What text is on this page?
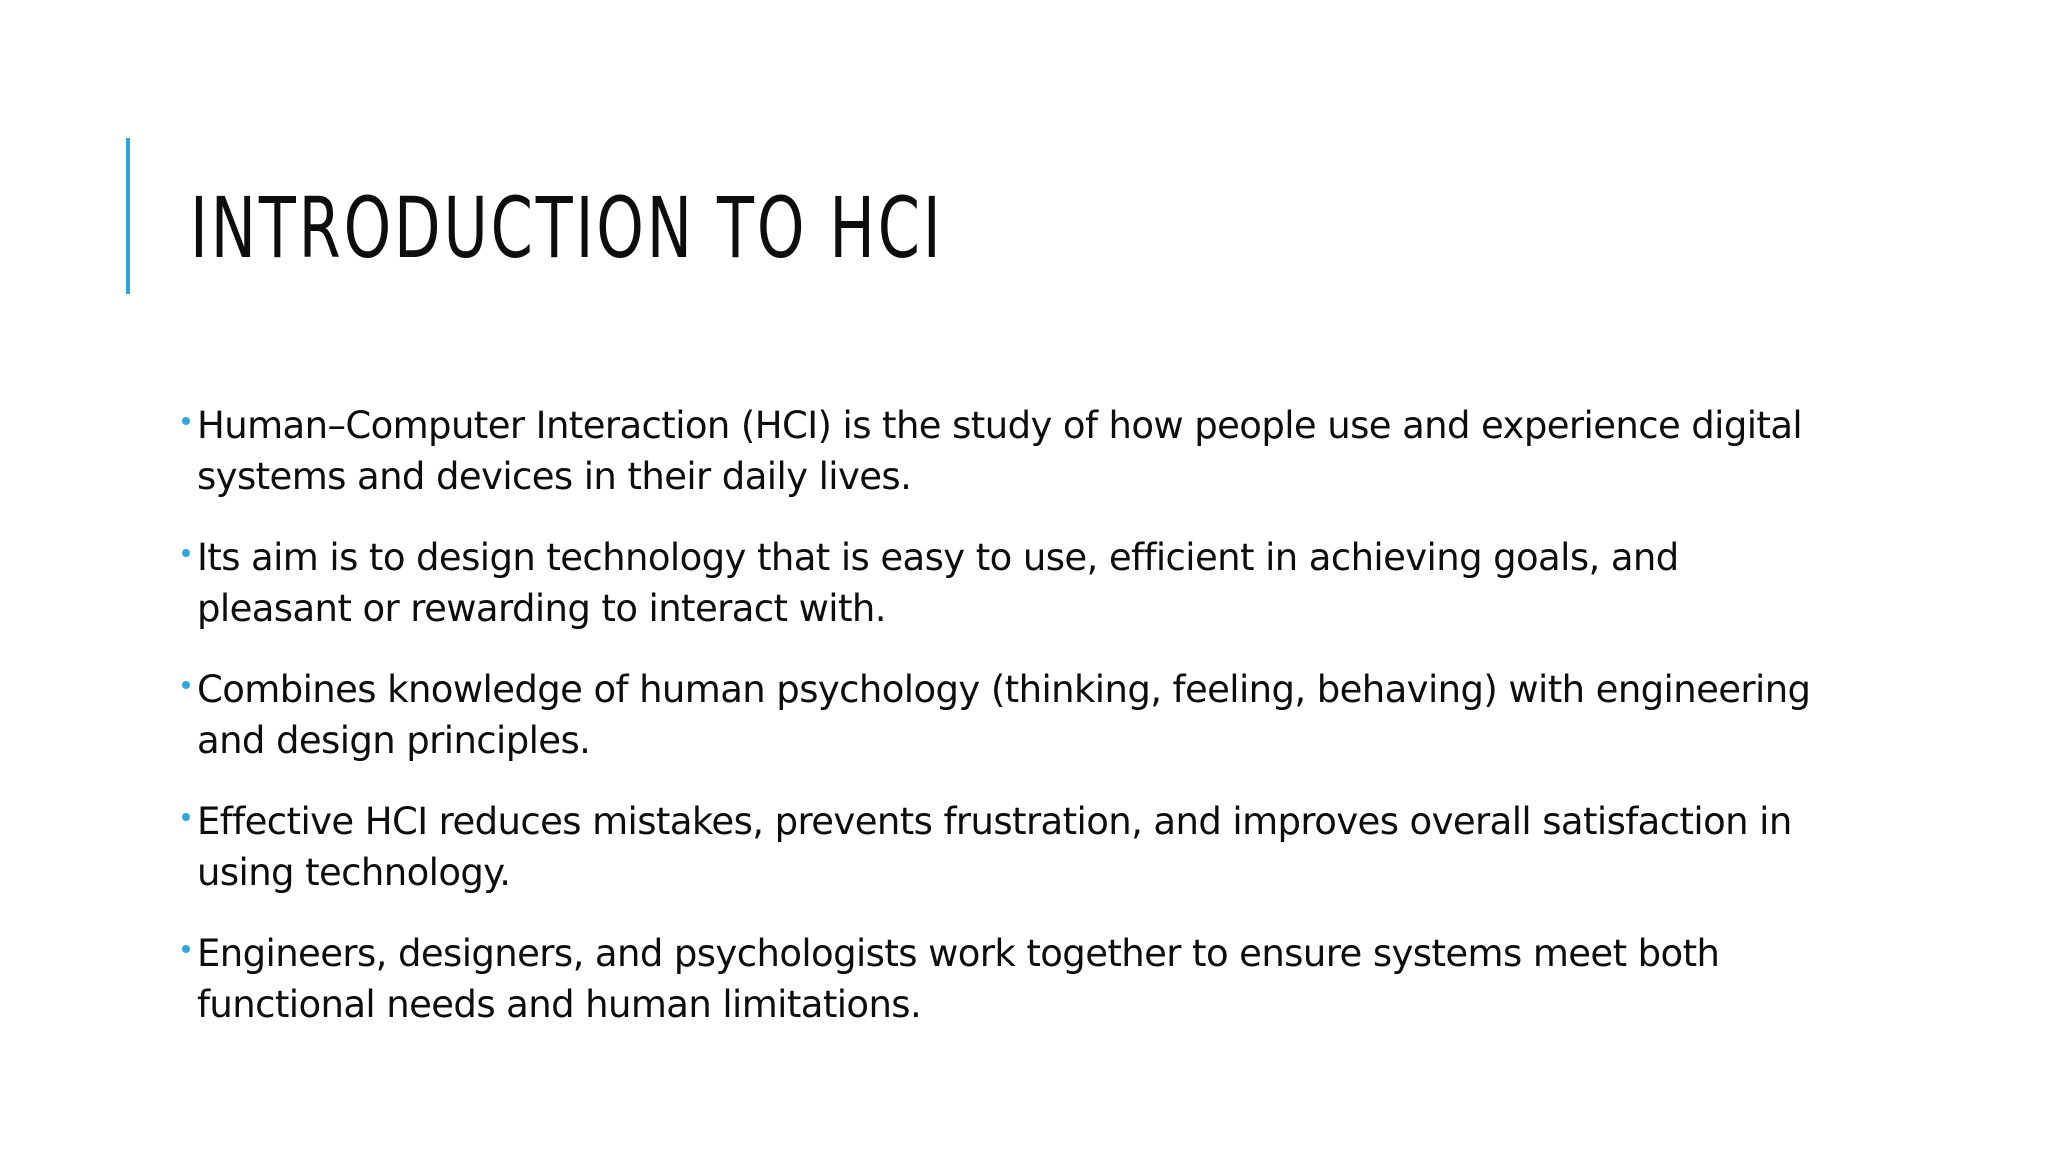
INTRODUCTION TO HCI
Human–Computer Interaction (HCI) is the study of how people use and experience digital systems and devices in their daily lives.
Its aim is to design technology that is easy to use, efficient in achieving goals, and pleasant or rewarding to interact with.
Combines knowledge of human psychology (thinking, feeling, behaving) with engineering and design principles.
Effective HCI reduces mistakes, prevents frustration, and improves overall satisfaction in using technology.
Engineers, designers, and psychologists work together to ensure systems meet both functional needs and human limitations.
